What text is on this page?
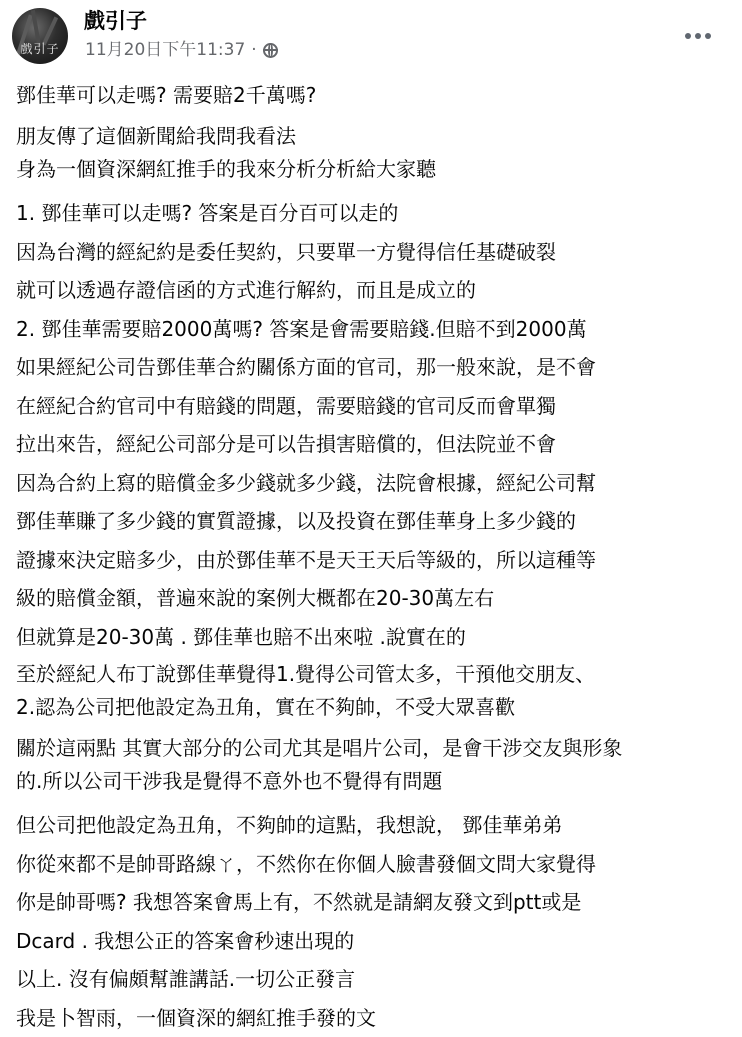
戲引子
戲引子
11月20日下午11:37 ·

鄧佳華可以走嗎? 需要賠2千萬嗎?

朋友傳了這個新聞給我問我看法

身為一個資深網紅推手的我來分析分析給大家聽

1. 鄧佳華可以走嗎? 答案是百分百可以走的

因為台灣的經紀約是委任契約，只要單一方覺得信任基礎破裂

就可以透過存證信函的方式進行解約，而且是成立的

2. 鄧佳華需要賠2000萬嗎? 答案是會需要賠錢.但賠不到2000萬

如果經紀公司告鄧佳華合約關係方面的官司，那一般來說，是不會

在經紀合約官司中有賠錢的問題，需要賠錢的官司反而會單獨

拉出來告，經紀公司部分是可以告損害賠償的，但法院並不會

因為合約上寫的賠償金多少錢就多少錢，法院會根據，經紀公司幫

鄧佳華賺了多少錢的實質證據，以及投資在鄧佳華身上多少錢的

證據來決定賠多少，由於鄧佳華不是天王天后等級的，所以這種等

級的賠償金額，普遍來說的案例大概都在20-30萬左右

但就算是20-30萬 . 鄧佳華也賠不出來啦 .說實在的

至於經紀人布丁說鄧佳華覺得1.覺得公司管太多，干預他交朋友、

2.認為公司把他設定為丑角，實在不夠帥，不受大眾喜歡

關於這兩點 其實大部分的公司尤其是唱片公司，是會干涉交友與形象

的.所以公司干涉我是覺得不意外也不覺得有問題

但公司把他設定為丑角，不夠帥的這點，我想說， 鄧佳華弟弟

你從來都不是帥哥路線ㄚ，不然你在你個人臉書發個文問大家覺得

你是帥哥嗎? 我想答案會馬上有，不然就是請網友發文到ptt或是

Dcard . 我想公正的答案會秒速出現的

以上. 沒有偏頗幫誰講話.一切公正發言

我是卜智雨，一個資深的網紅推手發的文
